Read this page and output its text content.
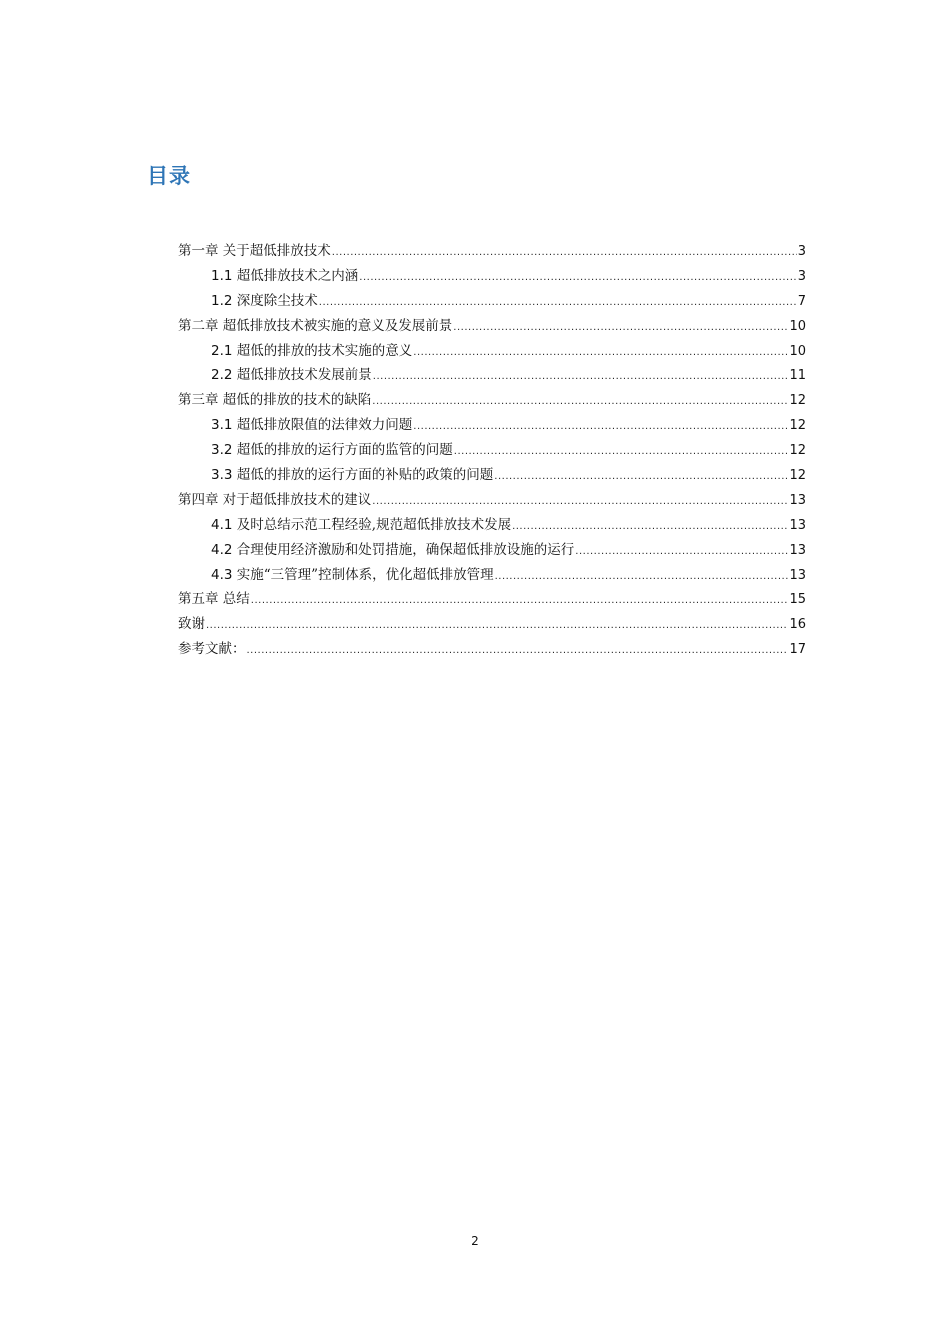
目录
第一章 关于超低排放技术 .....	3
1.1 超低排放技术之内涵 .....	3
1.2 深度除尘技术 .....	7
第二章 超低排放技术被实施的意义及发展前景 .....	10
2.1 超低的排放的技术实施的意义 .....	10
2.2 超低排放技术发展前景 .....	11
第三章 超低的排放的技术的缺陷 .....	12
3.1 超低排放限值的法律效力问题 .....	12
3.2 超低的排放的运行方面的监管的问题 .....	12
3.3 超低的排放的运行方面的补贴的政策的问题 .....	12
第四章 对于超低排放技术的建议 .....	13
4.1 及时总结示范工程经验,规范超低排放技术发展 .....	13
4.2 合理使用经济激励和处罚措施，确保超低排放设施的运行 .....	13
4.3 实施“三管理”控制体系，优化超低排放管理 .....	13
第五章 总结 .....	15
致谢 .....	16
参考文献： .....	17
2
